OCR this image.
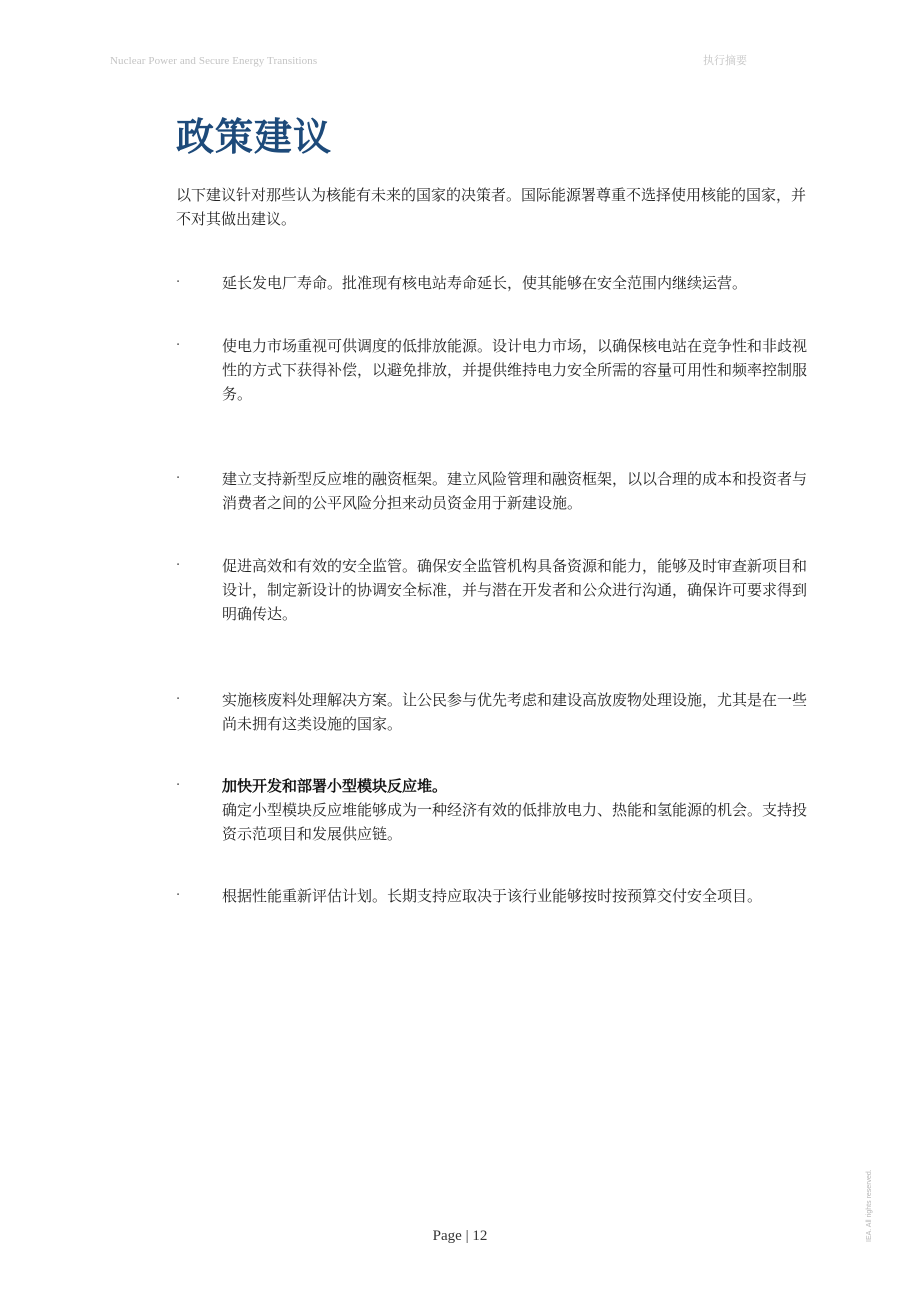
Nuclear Power and Secure Energy Transitions	执行摘要
政策建议

以下建议针对那些认为核能有未来的国家的决策者。国际能源署尊重不选择使用核能的国家，并不对其做出建议。

·	延长发电厂寿命。批准现有核电站寿命延长，使其能够在安全范围内继续运营。

·	使电力市场重视可供调度的低排放能源。设计电力市场，以确保核电站在竞争性和非歧视性的方式下获得补偿，以避免排放，并提供维持电力安全所需的容量可用性和频率控制服务。

·	建立支持新型反应堆的融资框架。建立风险管理和融资框架，以以合理的成本和投资者与消费者之间的公平风险分担来动员资金用于新建设施。

·	促进高效和有效的安全监管。确保安全监管机构具备资源和能力，能够及时审查新项目和设计，制定新设计的协调安全标准，并与潜在开发者和公众进行沟通，确保许可要求得到明确传达。

·	实施核废料处理解决方案。让公民参与优先考虑和建设高放废物处理设施，尤其是在一些尚未拥有这类设施的国家。

·	加快开发和部署小型模块反应堆。
确定小型模块反应堆能够成为一种经济有效的低排放电力、热能和氢能源的机会。支持投资示范项目和发展供应链。

·	根据性能重新评估计划。长期支持应取决于该行业能够按时按预算交付安全项目。

IEA. All rights reserved.
Page | 12
